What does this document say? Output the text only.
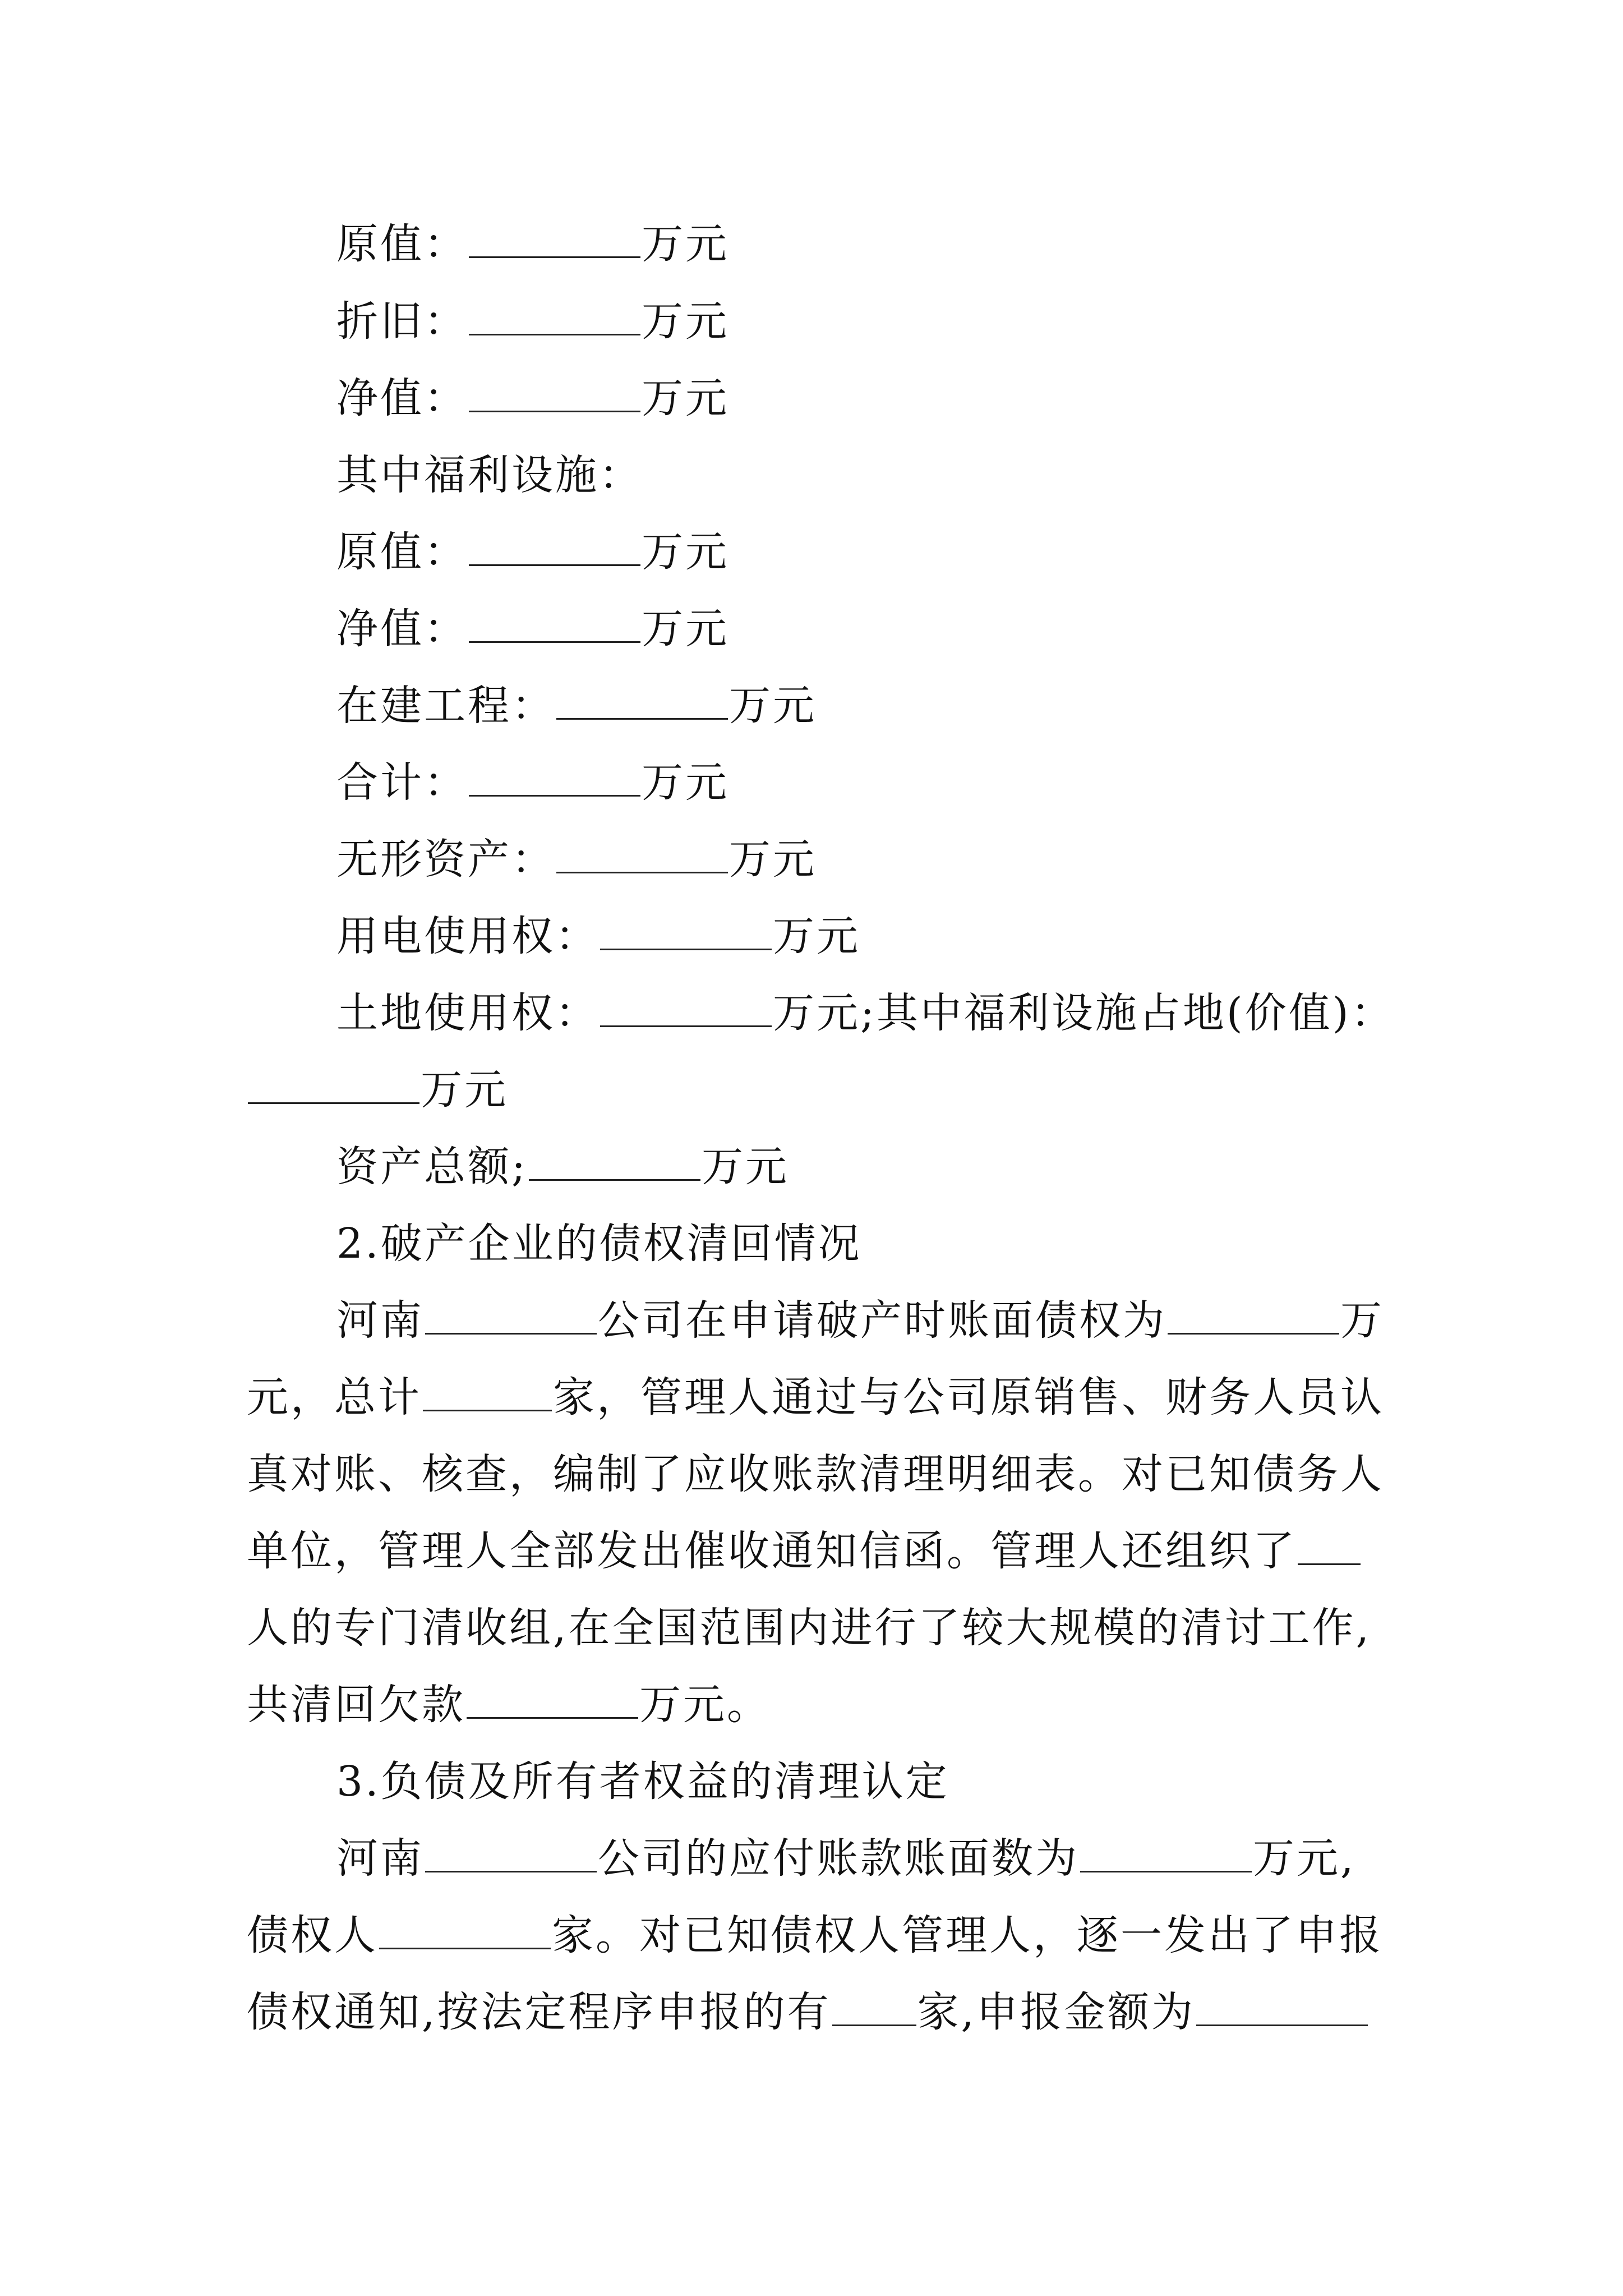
原值：	万元
折旧：	万元
净值：	万元
其中福利设施：
原值：	万元
净值：	万元
在建工程：	万元
合计：	万元
无形资产：	万元
用电使用权：	万元
土地使用权：	万元;其中福利设施占地(价值)：
万元
资产总额;	万元
2.破产企业的债权清回情况
河南	公司在申请破产时账面债权为	万
元，总计	家，管理人通过与公司原销售、财务人员认
真对账、核查，编制了应收账款清理明细表。对已知债务人
单位，管理人全部发出催收通知信函。管理人还组织了
人的专门清收组,在全国范围内进行了较大规模的清讨工作,
共清回欠款	万元。
3.负债及所有者权益的清理认定
河南	公司的应付账款账面数为	万元,
债权人	家。对已知债权人管理人，逐一发出了申报
债权通知,按法定程序申报的有 家,申报金额为
